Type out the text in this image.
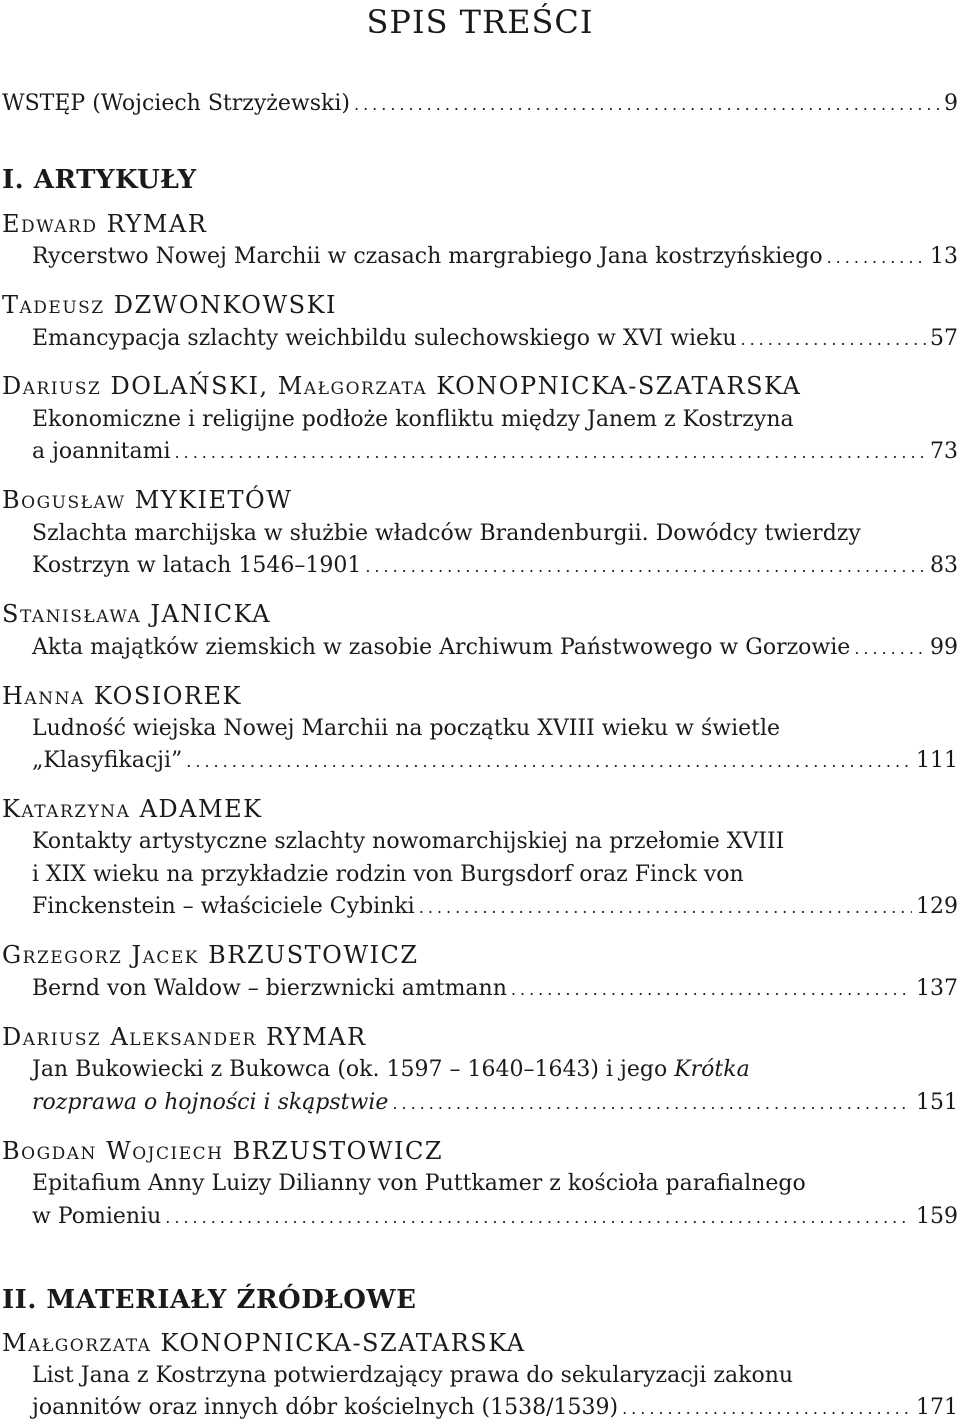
SPIS TREŚCI
WSTĘP (Wojciech Strzyżewski) .....	9
I. ARTYKUŁY
Edward RYMAR
Rycerstwo Nowej Marchii w czasach margrabiego Jana kostrzyńskiego .....	13
Tadeusz DZWONKOWSKI
Emancypacja szlachty weichbildu sulechowskiego w XVI wieku .....	57
Dariusz DOLAŃSKI, Małgorzata KONOPNICKA-SZATARSKA
Ekonomiczne i religijne podłoże konfliktu między Janem z Kostrzyna
a joannitami .....	73
Bogusław MYKIETÓW
Szlachta marchijska w służbie władców Brandenburgii. Dowódcy twierdzy
Kostrzyn w latach 1546–1901 .....	83
Stanisława JANICKA
Akta majątków ziemskich w zasobie Archiwum Państwowego w Gorzowie .....	99
Hanna KOSIOREK
Ludność wiejska Nowej Marchii na początku XVIII wieku w świetle
„Klasyfikacji” .....	111
Katarzyna ADAMEK
Kontakty artystyczne szlachty nowomarchijskiej na przełomie XVIII
i XIX wieku na przykładzie rodzin von Burgsdorf oraz Finck von
Finckenstein – właściciele Cybinki .....	129
Grzegorz Jacek BRZUSTOWICZ
Bernd von Waldow – bierzwnicki amtmann .....	137
Dariusz Aleksander RYMAR
Jan Bukowiecki z Bukowca (ok. 1597 – 1640–1643) i jego Krótka
rozprawa o hojności i skąpstwie .....	151
Bogdan Wojciech BRZUSTOWICZ
Epitafium Anny Luizy Dilianny von Puttkamer z kościoła parafialnego
w Pomieniu .....	159
II. MATERIAŁY ŹRÓDŁOWE
Małgorzata KONOPNICKA-SZATARSKA
List Jana z Kostrzyna potwierdzający prawa do sekularyzacji zakonu
joannitów oraz innych dóbr kościelnych (1538/1539) .....	171
